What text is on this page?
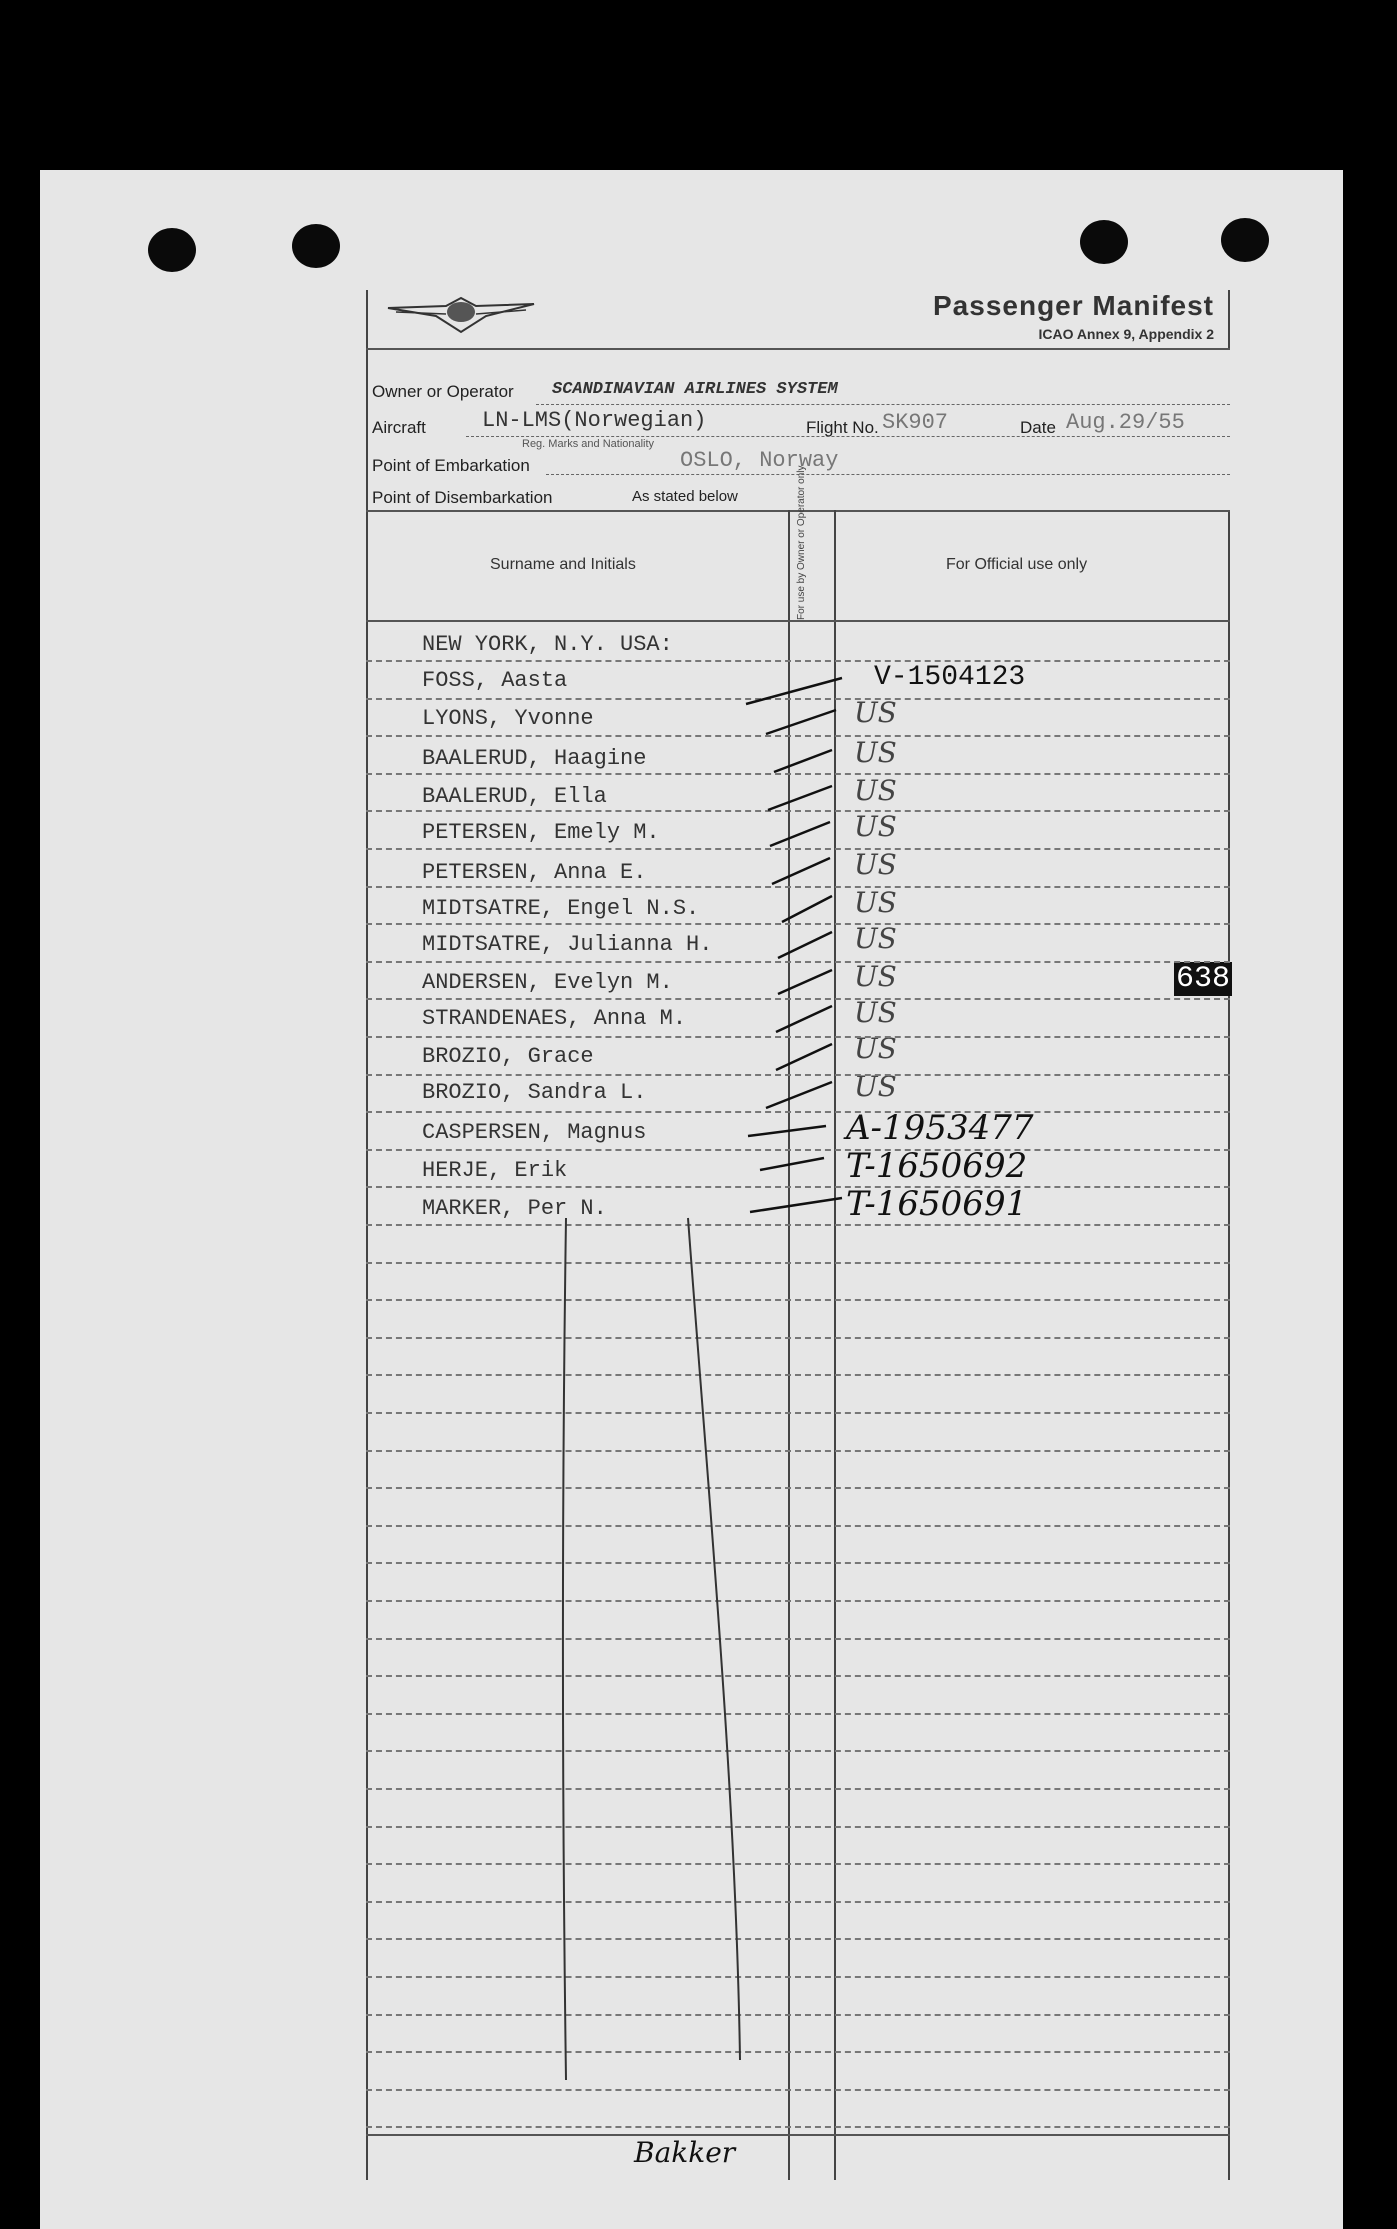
Passenger Manifest
ICAO Annex 9, Appendix 2
Owner or Operator SCANDINAVIAN AIRLINES SYSTEM
Aircraft	LN-LMS(Norwegian)
Reg. Marks and Nationality
Flight No. SK907	Date Aug.29/55
Point of Embarkation	OSLO, Norway
Point of Disembarkation	As stated below
Surname and Initials	For use by Owner or Operator only	For Official use only
NEW YORK, N.Y. USA:
FOSS, Aasta	V-1504123
LYONS, Yvonne	US
BAALERUD, Haagine	US
BAALERUD, Ella	US
PETERSEN, Emely M.	US
PETERSEN, Anna E.	US
MIDTSATRE, Engel N.S.	US
MIDTSATRE, Julianna H.	US
ANDERSEN, Evelyn M.	US
STRANDENAES, Anna M.	US
BROZIO, Grace	US
BROZIO, Sandra L.	US
CASPERSEN, Magnus	A-1953477
HERJE, Erik	T-1650692
MARKER, Per N.	T-1650691
638
Bakker
